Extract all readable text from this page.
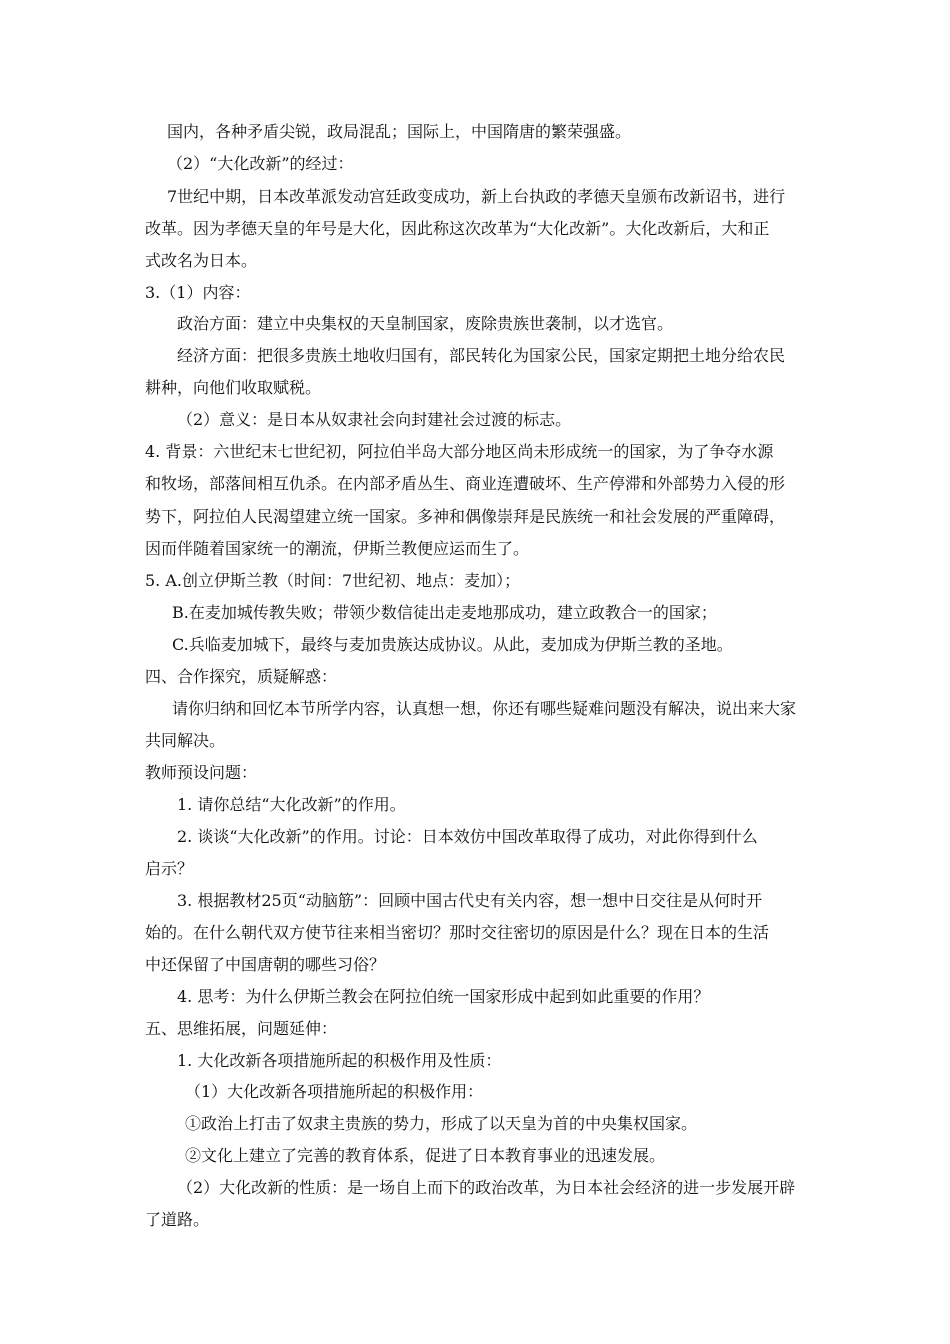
国内，各种矛盾尖锐，政局混乱；国际上，中国隋唐的繁荣强盛。
（2）“大化改新”的经过：
7世纪中期，日本改革派发动宫廷政变成功，新上台执政的孝德天皇颁布改新诏书，进行
改革。因为孝德天皇的年号是大化，因此称这次改革为“大化改新”。大化改新后，大和正
式改名为日本。
3.（1）内容：
政治方面：建立中央集权的天皇制国家，废除贵族世袭制，以才选官。
经济方面：把很多贵族土地收归国有，部民转化为国家公民，国家定期把土地分给农民
耕种，向他们收取赋税。
（2）意义：是日本从奴隶社会向封建社会过渡的标志。
4. 背景：六世纪末七世纪初，阿拉伯半岛大部分地区尚未形成统一的国家，为了争夺水源
和牧场，部落间相互仇杀。在内部矛盾丛生、商业连遭破坏、生产停滞和外部势力入侵的形
势下，阿拉伯人民渴望建立统一国家。多神和偶像崇拜是民族统一和社会发展的严重障碍，
因而伴随着国家统一的潮流，伊斯兰教便应运而生了。
5. A.创立伊斯兰教（时间：7世纪初、地点：麦加）；
B.在麦加城传教失败；带领少数信徒出走麦地那成功，建立政教合一的国家；
C.兵临麦加城下，最终与麦加贵族达成协议。从此，麦加成为伊斯兰教的圣地。
四、合作探究，质疑解惑：
请你归纳和回忆本节所学内容，认真想一想，你还有哪些疑难问题没有解决，说出来大家
共同解决。
教师预设问题：
1. 请你总结“大化改新”的作用。
2. 谈谈“大化改新”的作用。讨论：日本效仿中国改革取得了成功，对此你得到什么
启示？
3. 根据教材25页“动脑筋”：回顾中国古代史有关内容，想一想中日交往是从何时开
始的。在什么朝代双方使节往来相当密切？那时交往密切的原因是什么？现在日本的生活
中还保留了中国唐朝的哪些习俗？
4. 思考：为什么伊斯兰教会在阿拉伯统一国家形成中起到如此重要的作用？
五、思维拓展，问题延伸：
1. 大化改新各项措施所起的积极作用及性质：
（1）大化改新各项措施所起的积极作用：
①政治上打击了奴隶主贵族的势力，形成了以天皇为首的中央集权国家。
②文化上建立了完善的教育体系，促进了日本教育事业的迅速发展。
（2）大化改新的性质：是一场自上而下的政治改革，为日本社会经济的进一步发展开辟
了道路。
